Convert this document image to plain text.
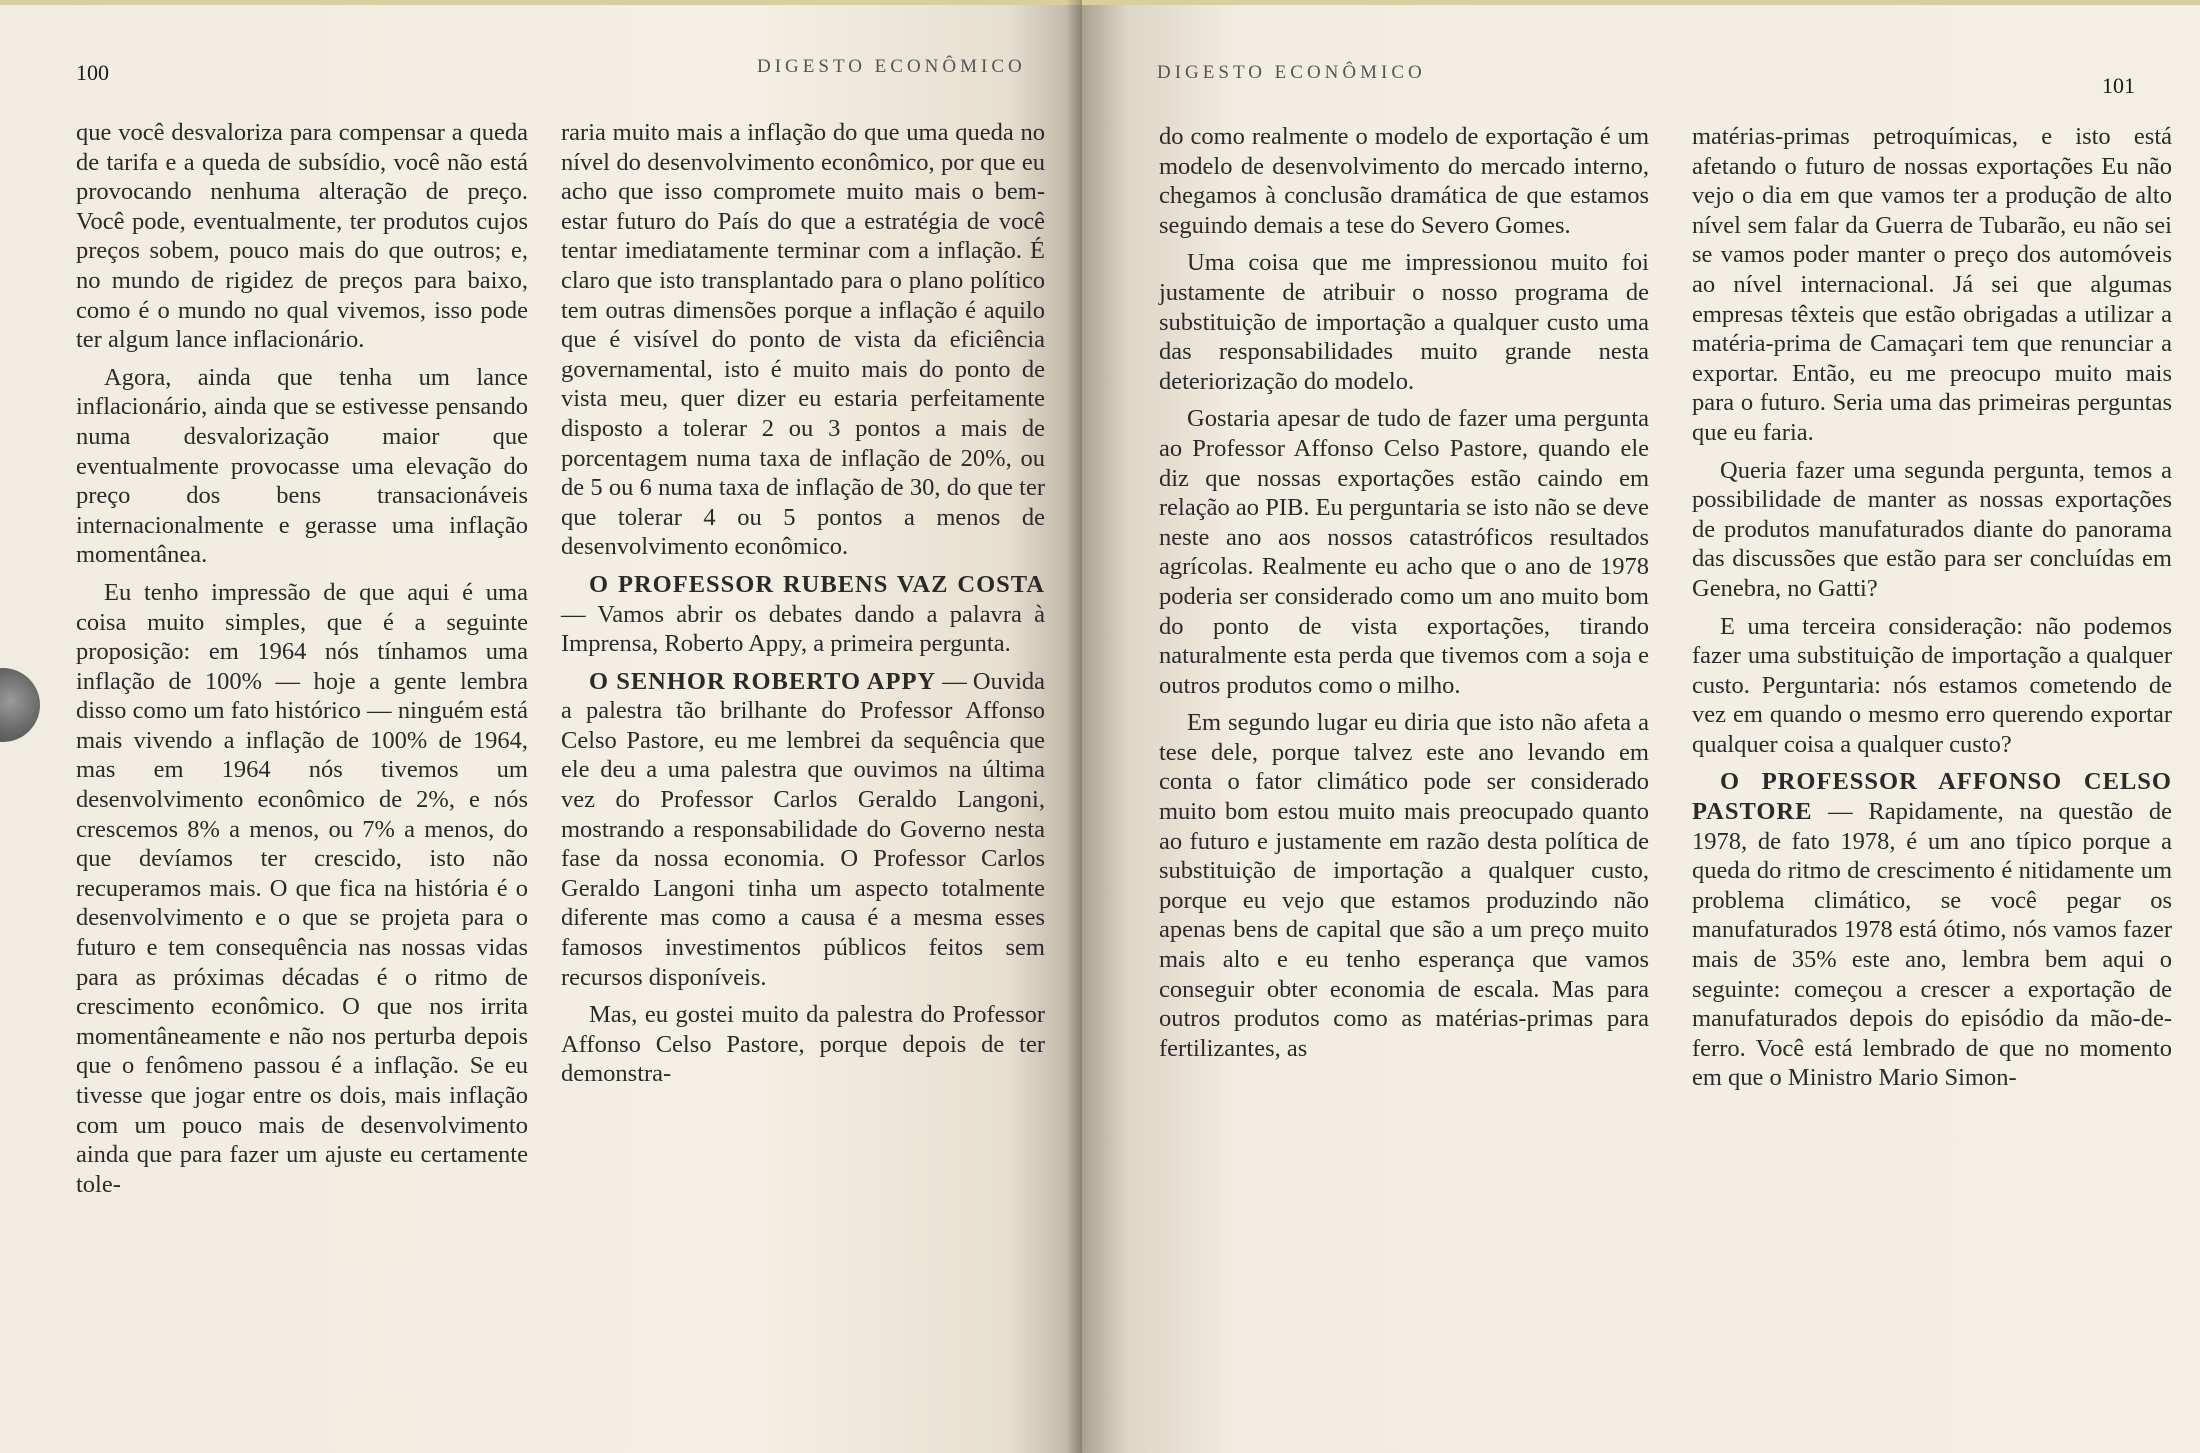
100	DIGESTO ECONÔMICO

que você desvaloriza para compensar a queda de tarifa e a queda de subsídio, você não está provocando nenhuma alteração de preço. Você pode, eventualmente, ter produtos cujos preços sobem, pouco mais do que outros; e, no mundo de rigidez de preços para baixo, como é o mundo no qual vivemos, isso pode ter algum lance inflacionário.

Agora, ainda que tenha um lance inflacionário, ainda que se estivesse pensando numa desvalorização maior que eventualmente provocasse uma elevação do preço dos bens transacionáveis internacionalmente e gerasse uma inflação momentânea.

Eu tenho impressão de que aqui é uma coisa muito simples, que é a seguinte proposição: em 1964 nós tínhamos uma inflação de 100% — hoje a gente lembra disso como um fato histórico — ninguém está mais vivendo a inflação de 100% de 1964, mas em 1964 nós tivemos um desenvolvimento econômico de 2%, e nós crescemos 8% a menos, ou 7% a menos, do que devíamos ter crescido, isto não recuperamos mais. O que fica na história é o desenvolvimento e o que se projeta para o futuro e tem consequência nas nossas vidas para as próximas décadas é o ritmo de crescimento econômico. O que nos irrita momentâneamente e não nos perturba depois que o fenômeno passou é a inflação. Se eu tivesse que jogar entre os dois, mais inflação com um pouco mais de desenvolvimento ainda que para fazer um ajuste eu certamente tole-

raria muito mais a inflação do que uma queda no nível do desenvolvimento econômico, por que eu acho que isso compromete muito mais o bem-estar futuro do País do que a estratégia de você tentar imediatamente terminar com a inflação. É claro que isto transplantado para o plano político tem outras dimensões porque a inflação é aquilo que é visível do ponto de vista da eficiência governamental, isto é muito mais do ponto de vista meu, quer dizer eu estaria perfeitamente disposto a tolerar 2 ou 3 pontos a mais de porcentagem numa taxa de inflação de 20%, ou de 5 ou 6 numa taxa de inflação de 30, do que ter que tolerar 4 ou 5 pontos a menos de desenvolvimento econômico.

O PROFESSOR RUBENS VAZ COSTA — Vamos abrir os debates dando a palavra à Imprensa, Roberto Appy, a primeira pergunta.

O SENHOR ROBERTO APPY — Ouvida a palestra tão brilhante do Professor Affonso Celso Pastore, eu me lembrei da sequência que ele deu a uma palestra que ouvimos na última vez do Professor Carlos Geraldo Langoni, mostrando a responsabilidade do Governo nesta fase da nossa economia. O Professor Carlos Geraldo Langoni tinha um aspecto totalmente diferente mas como a causa é a mesma esses famosos investimentos públicos feitos sem recursos disponíveis.

Mas, eu gostei muito da palestra do Professor Affonso Celso Pastore, porque depois de ter demonstra-

DIGESTO ECONÔMICO
101

do como realmente o modelo de exportação é um modelo de desenvolvimento do mercado interno, chegamos à conclusão dramática de que estamos seguindo demais a tese do Severo Gomes.

Uma coisa que me impressionou muito foi justamente de atribuir o nosso programa de substituição de importação a qualquer custo uma das responsabilidades muito grande nesta deteriorização do modelo.

Gostaria apesar de tudo de fazer uma pergunta ao Professor Affonso Celso Pastore, quando ele diz que nossas exportações estão caindo em relação ao PIB. Eu perguntaria se isto não se deve neste ano aos nossos catastróficos resultados agrícolas. Realmente eu acho que o ano de 1978 poderia ser considerado como um ano muito bom do ponto de vista exportações, tirando naturalmente esta perda que tivemos com a soja e outros produtos como o milho.

Em segundo lugar eu diria que isto não afeta a tese dele, porque talvez este ano levando em conta o fator climático pode ser considerado muito bom estou muito mais preocupado quanto ao futuro e justamente em razão desta política de substituição de importação a qualquer custo, porque eu vejo que estamos produzindo não apenas bens de capital que são a um preço muito mais alto e eu tenho esperança que vamos conseguir obter economia de escala. Mas para outros produtos como as matérias-primas para fertilizantes, as

matérias-primas petroquímicas, e isto está afetando o futuro de nossas exportações Eu não vejo o dia em que vamos ter a produção de alto nível sem falar da Guerra de Tubarão, eu não sei se vamos poder manter o preço dos automóveis ao nível internacional. Já sei que algumas empresas têxteis que estão obrigadas a utilizar a matéria-prima de Camaçari tem que renunciar a exportar. Então, eu me preocupo muito mais para o futuro. Seria uma das primeiras perguntas que eu faria.

Queria fazer uma segunda pergunta, temos a possibilidade de manter as nossas exportações de produtos manufaturados diante do panorama das discussões que estão para ser concluídas em Genebra, no Gatti?

E uma terceira consideração: não podemos fazer uma substituição de importação a qualquer custo. Perguntaria: nós estamos cometendo de vez em quando o mesmo erro querendo exportar qualquer coisa a qualquer custo?

O PROFESSOR AFFONSO CELSO PASTORE — Rapidamente, na questão de 1978, de fato 1978, é um ano típico porque a queda do ritmo de crescimento é nitidamente um problema climático, se você pegar os manufaturados 1978 está ótimo, nós vamos fazer mais de 35% este ano, lembra bem aqui o seguinte: começou a crescer a exportação de manufaturados depois do episódio da mão-de-ferro. Você está lembrado de que no momento em que o Ministro Mario Simon-
